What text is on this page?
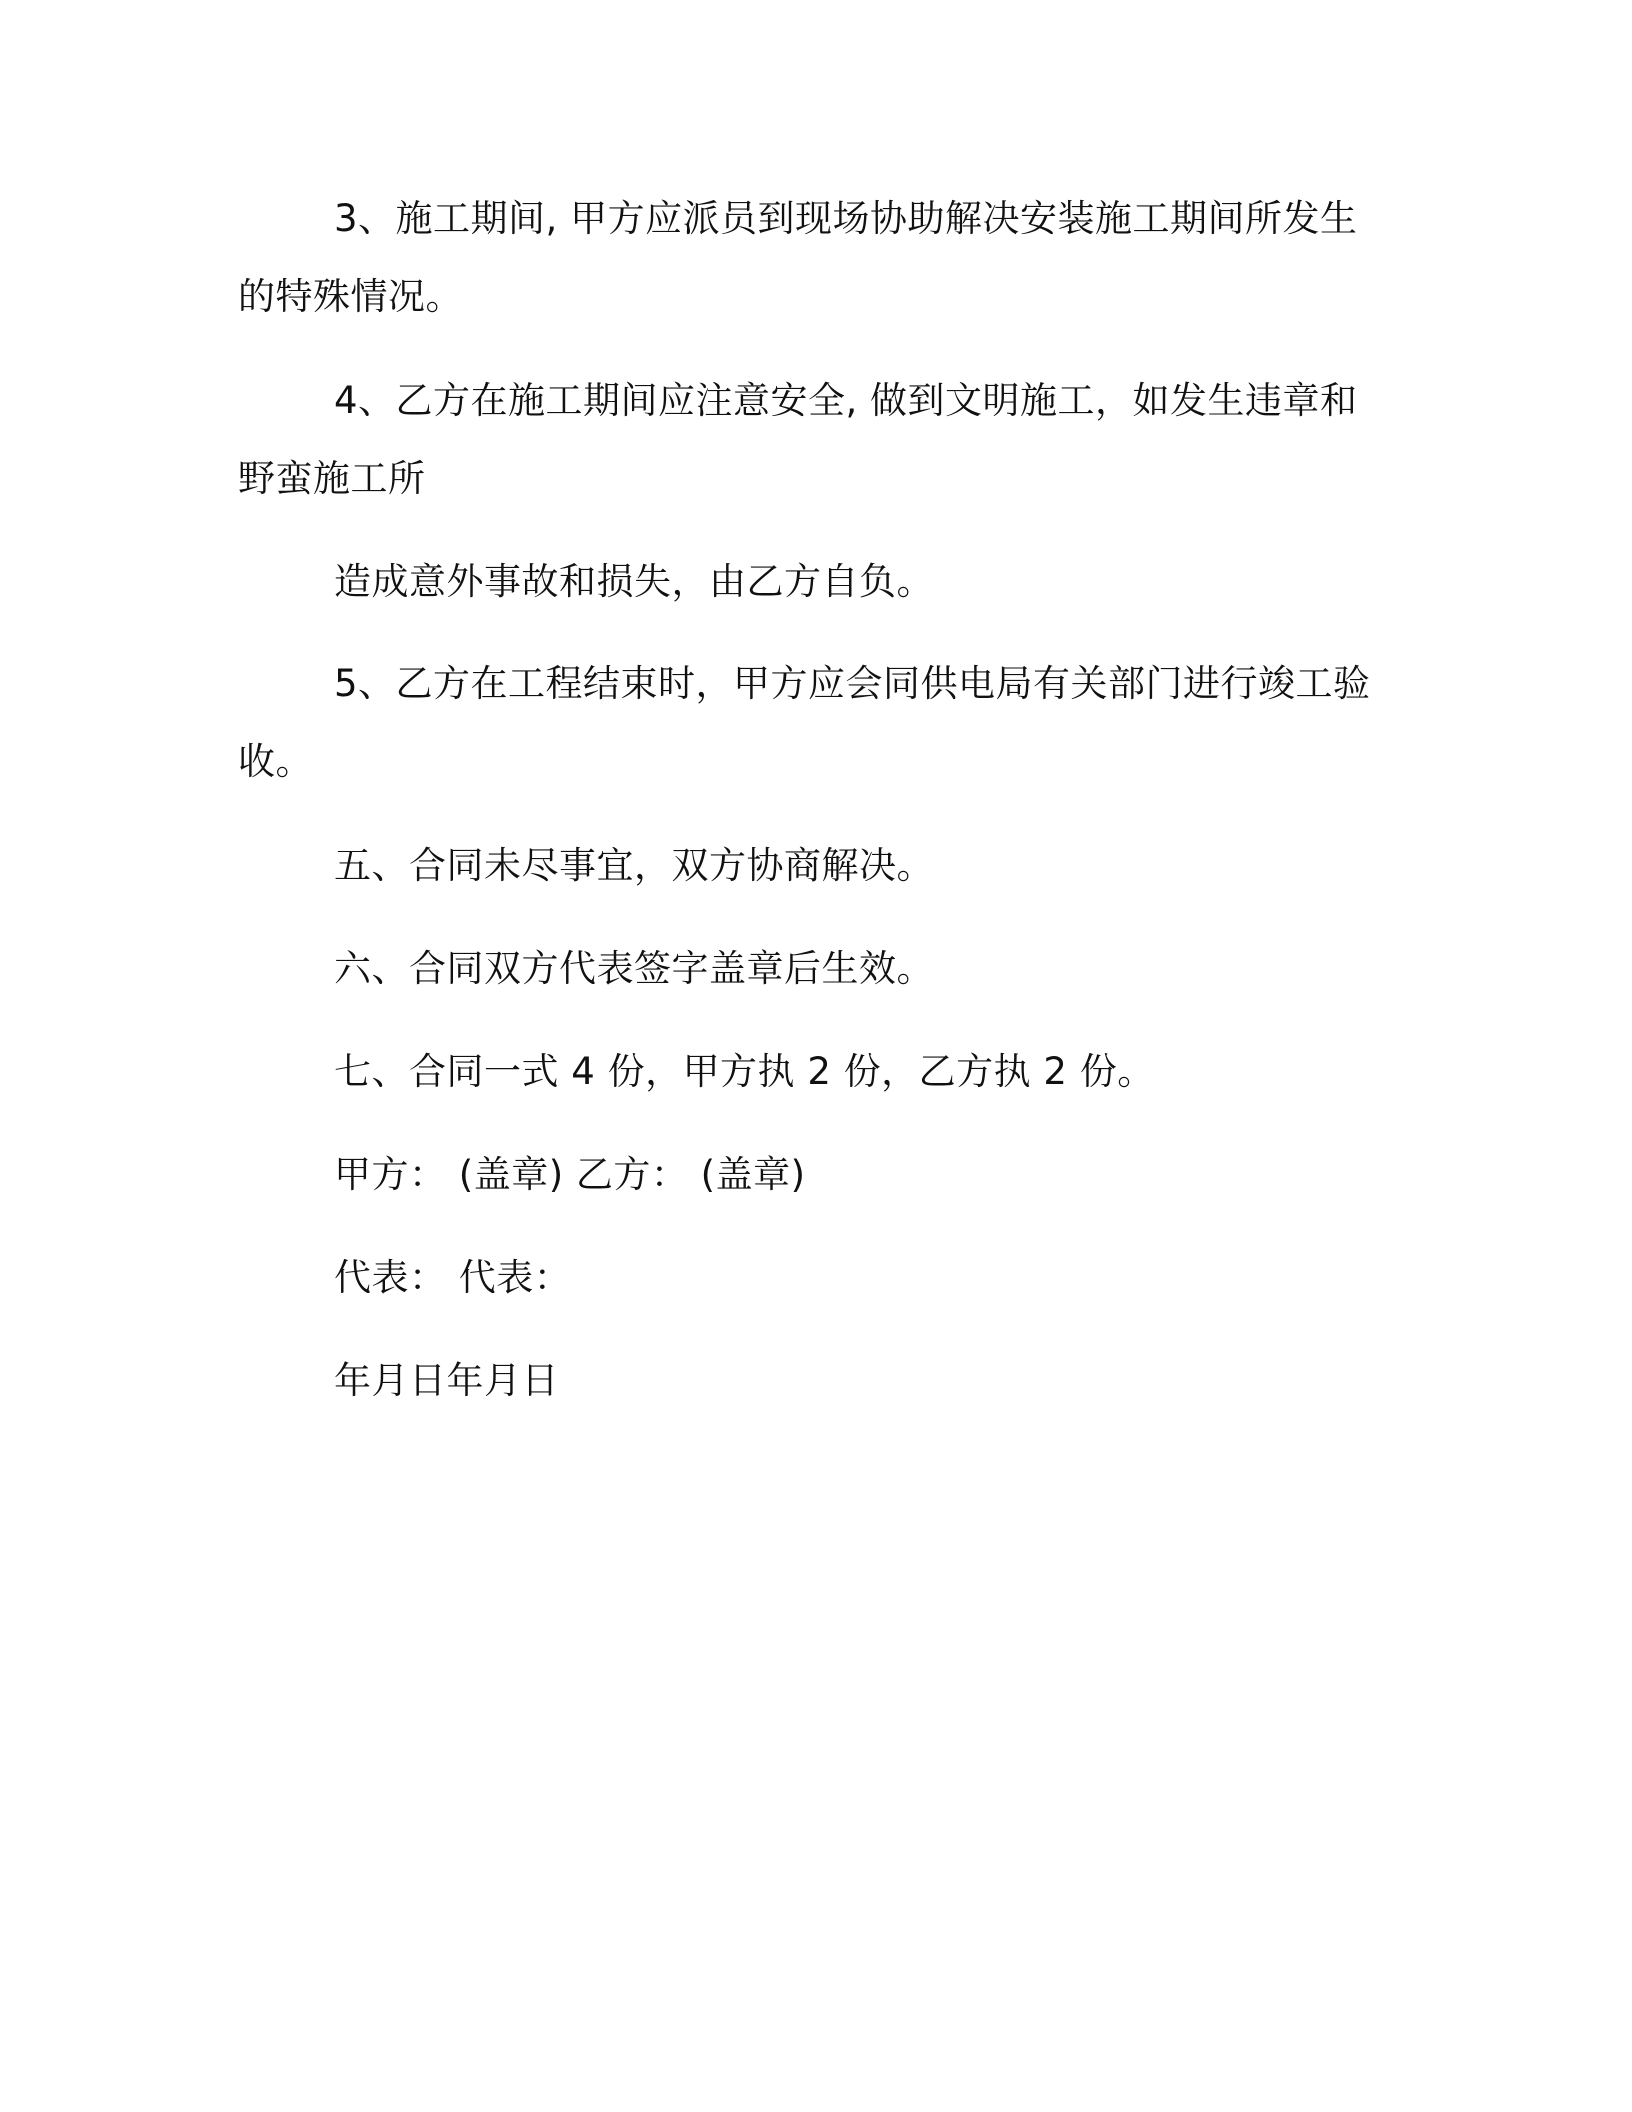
3、施工期间, 甲方应派员到现场协助解决安装施工期间所发生的特殊情况。

4、乙方在施工期间应注意安全, 做到文明施工，如发生违章和野蛮施工所

造成意外事故和损失，由乙方自负。

5、乙方在工程结束时，甲方应会同供电局有关部门进行竣工验收。

五、合同未尽事宜，双方协商解决。

六、合同双方代表签字盖章后生效。

七、合同一式 4 份，甲方执 2 份，乙方执 2 份。

甲方： (盖章) 乙方： (盖章)

代表： 代表：

年月日年月日
